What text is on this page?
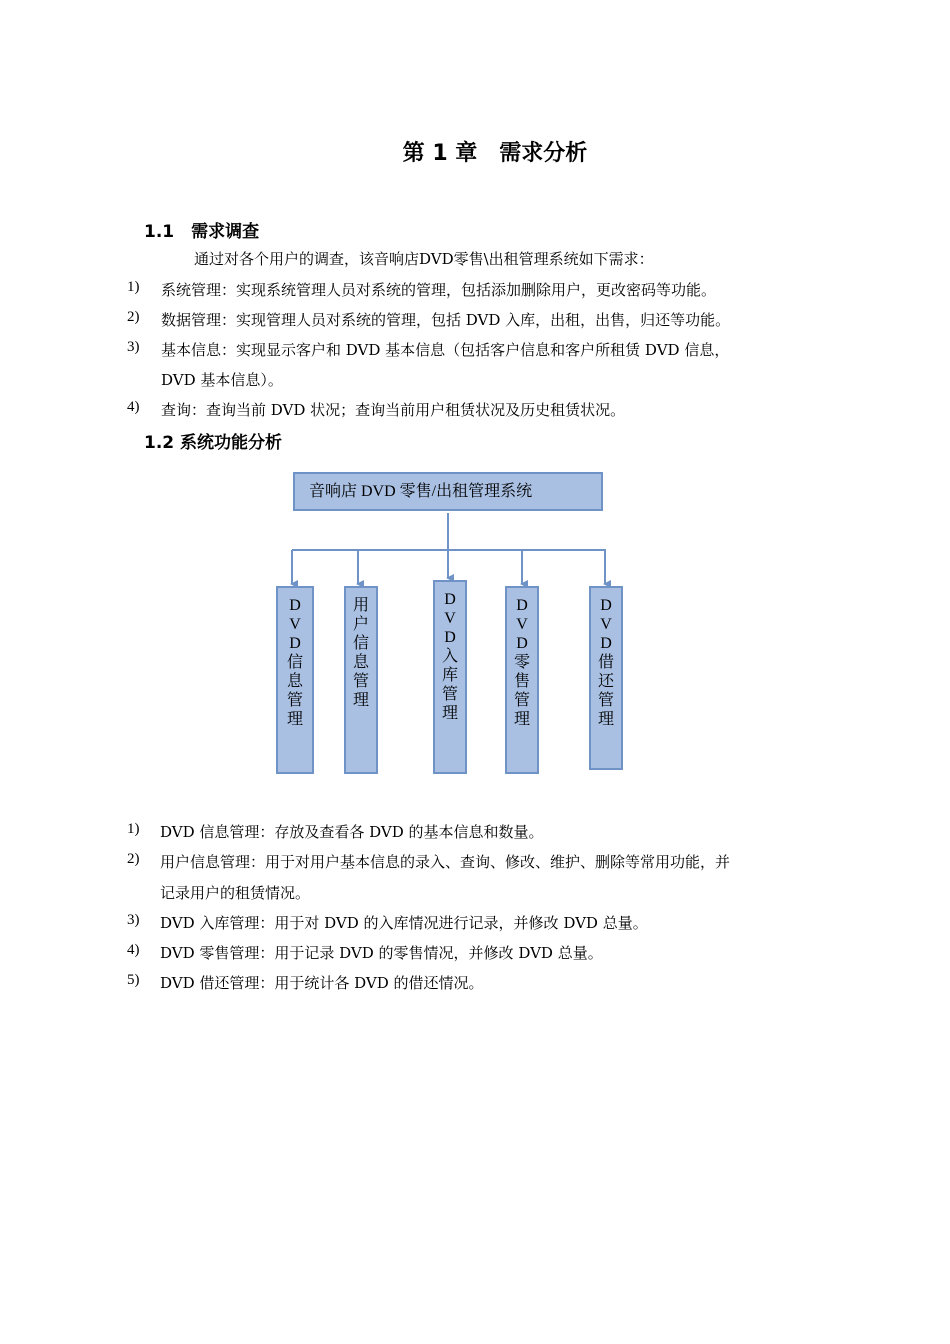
第 1 章　需求分析
1.1　需求调查
通过对各个用户的调查，该音响店DVD零售\出租管理系统如下需求：
1) 系统管理：实现系统管理人员对系统的管理，包括添加删除用户，更改密码等功能。
2) 数据管理：实现管理人员对系统的管理，包括 DVD 入库，出租，出售，归还等功能。
3) 基本信息：实现显示客户和 DVD 基本信息（包括客户信息和客户所租赁 DVD 信息，
DVD 基本信息）。
4) 查询：查询当前 DVD 状况；查询当前用户租赁状况及历史租赁状况。
1.2 系统功能分析
音响店 DVD 零售/出租管理系统
D
V
D
信
息
管
理
用
户
信
息
管
理
D
V
D
入
库
管
理
D
V
D
零
售
管
理
D
V
D
借
还
管
理
1) DVD 信息管理：存放及查看各 DVD 的基本信息和数量。
2) 用户信息管理：用于对用户基本信息的录入、查询、修改、维护、删除等常用功能，并
记录用户的租赁情况。
3) DVD 入库管理：用于对 DVD 的入库情况进行记录，并修改 DVD 总量。
4) DVD 零售管理：用于记录 DVD 的零售情况，并修改 DVD 总量。
5) DVD 借还管理：用于统计各 DVD 的借还情况。
